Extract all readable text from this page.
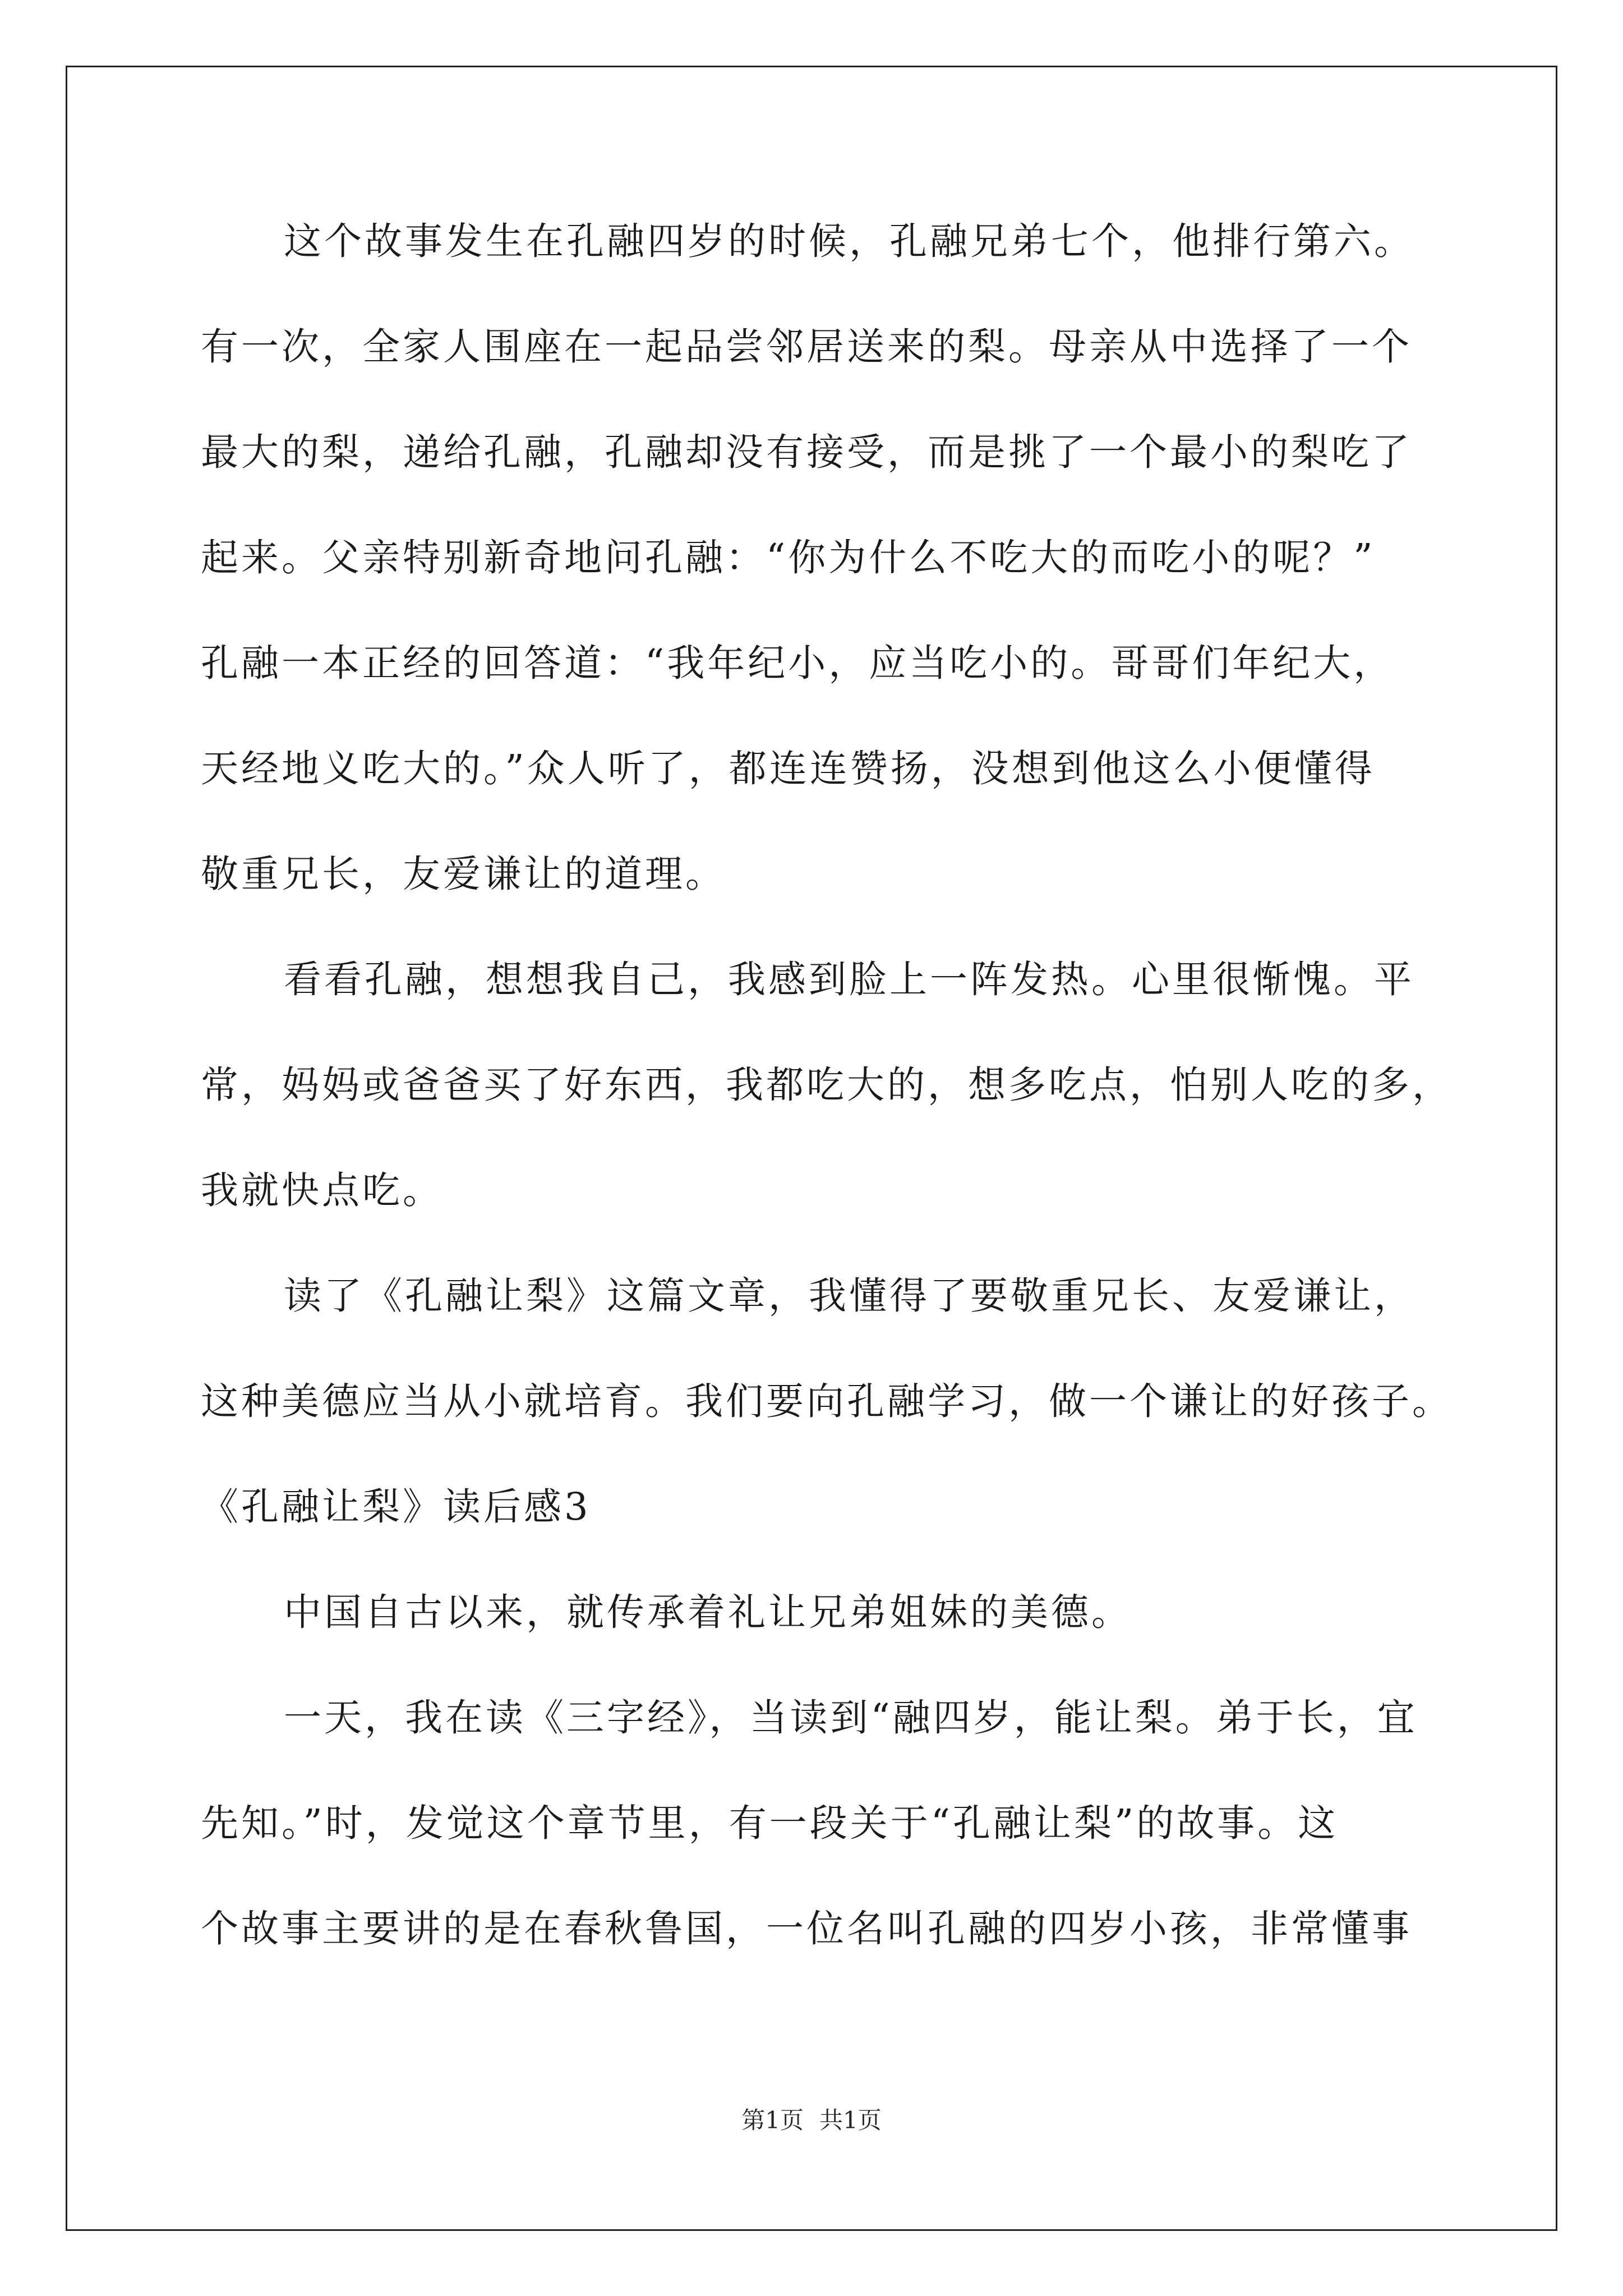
这个故事发生在孔融四岁的时候，孔融兄弟七个，他排行第六。
有一次，全家人围座在一起品尝邻居送来的梨。母亲从中选择了一个
最大的梨，递给孔融，孔融却没有接受，而是挑了一个最小的梨吃了
起来。父亲特别新奇地问孔融：“你为什么不吃大的而吃小的呢？”
孔融一本正经的回答道：“我年纪小，应当吃小的。哥哥们年纪大，
天经地义吃大的。”众人听了，都连连赞扬，没想到他这么小便懂得
敬重兄长，友爱谦让的道理。
看看孔融，想想我自己，我感到脸上一阵发热。心里很惭愧。平
常，妈妈或爸爸买了好东西，我都吃大的，想多吃点，怕别人吃的多，
我就快点吃。
读了《孔融让梨》这篇文章，我懂得了要敬重兄长、友爱谦让，
这种美德应当从小就培育。我们要向孔融学习，做一个谦让的好孩子。
《孔融让梨》读后感3
中国自古以来，就传承着礼让兄弟姐妹的美德。
一天，我在读《三字经》，当读到“融四岁，能让梨。弟于长，宜
先知。”时，发觉这个章节里，有一段关于“孔融让梨”的故事。这
个故事主要讲的是在春秋鲁国，一位名叫孔融的四岁小孩，非常懂事
第1页 共1页
